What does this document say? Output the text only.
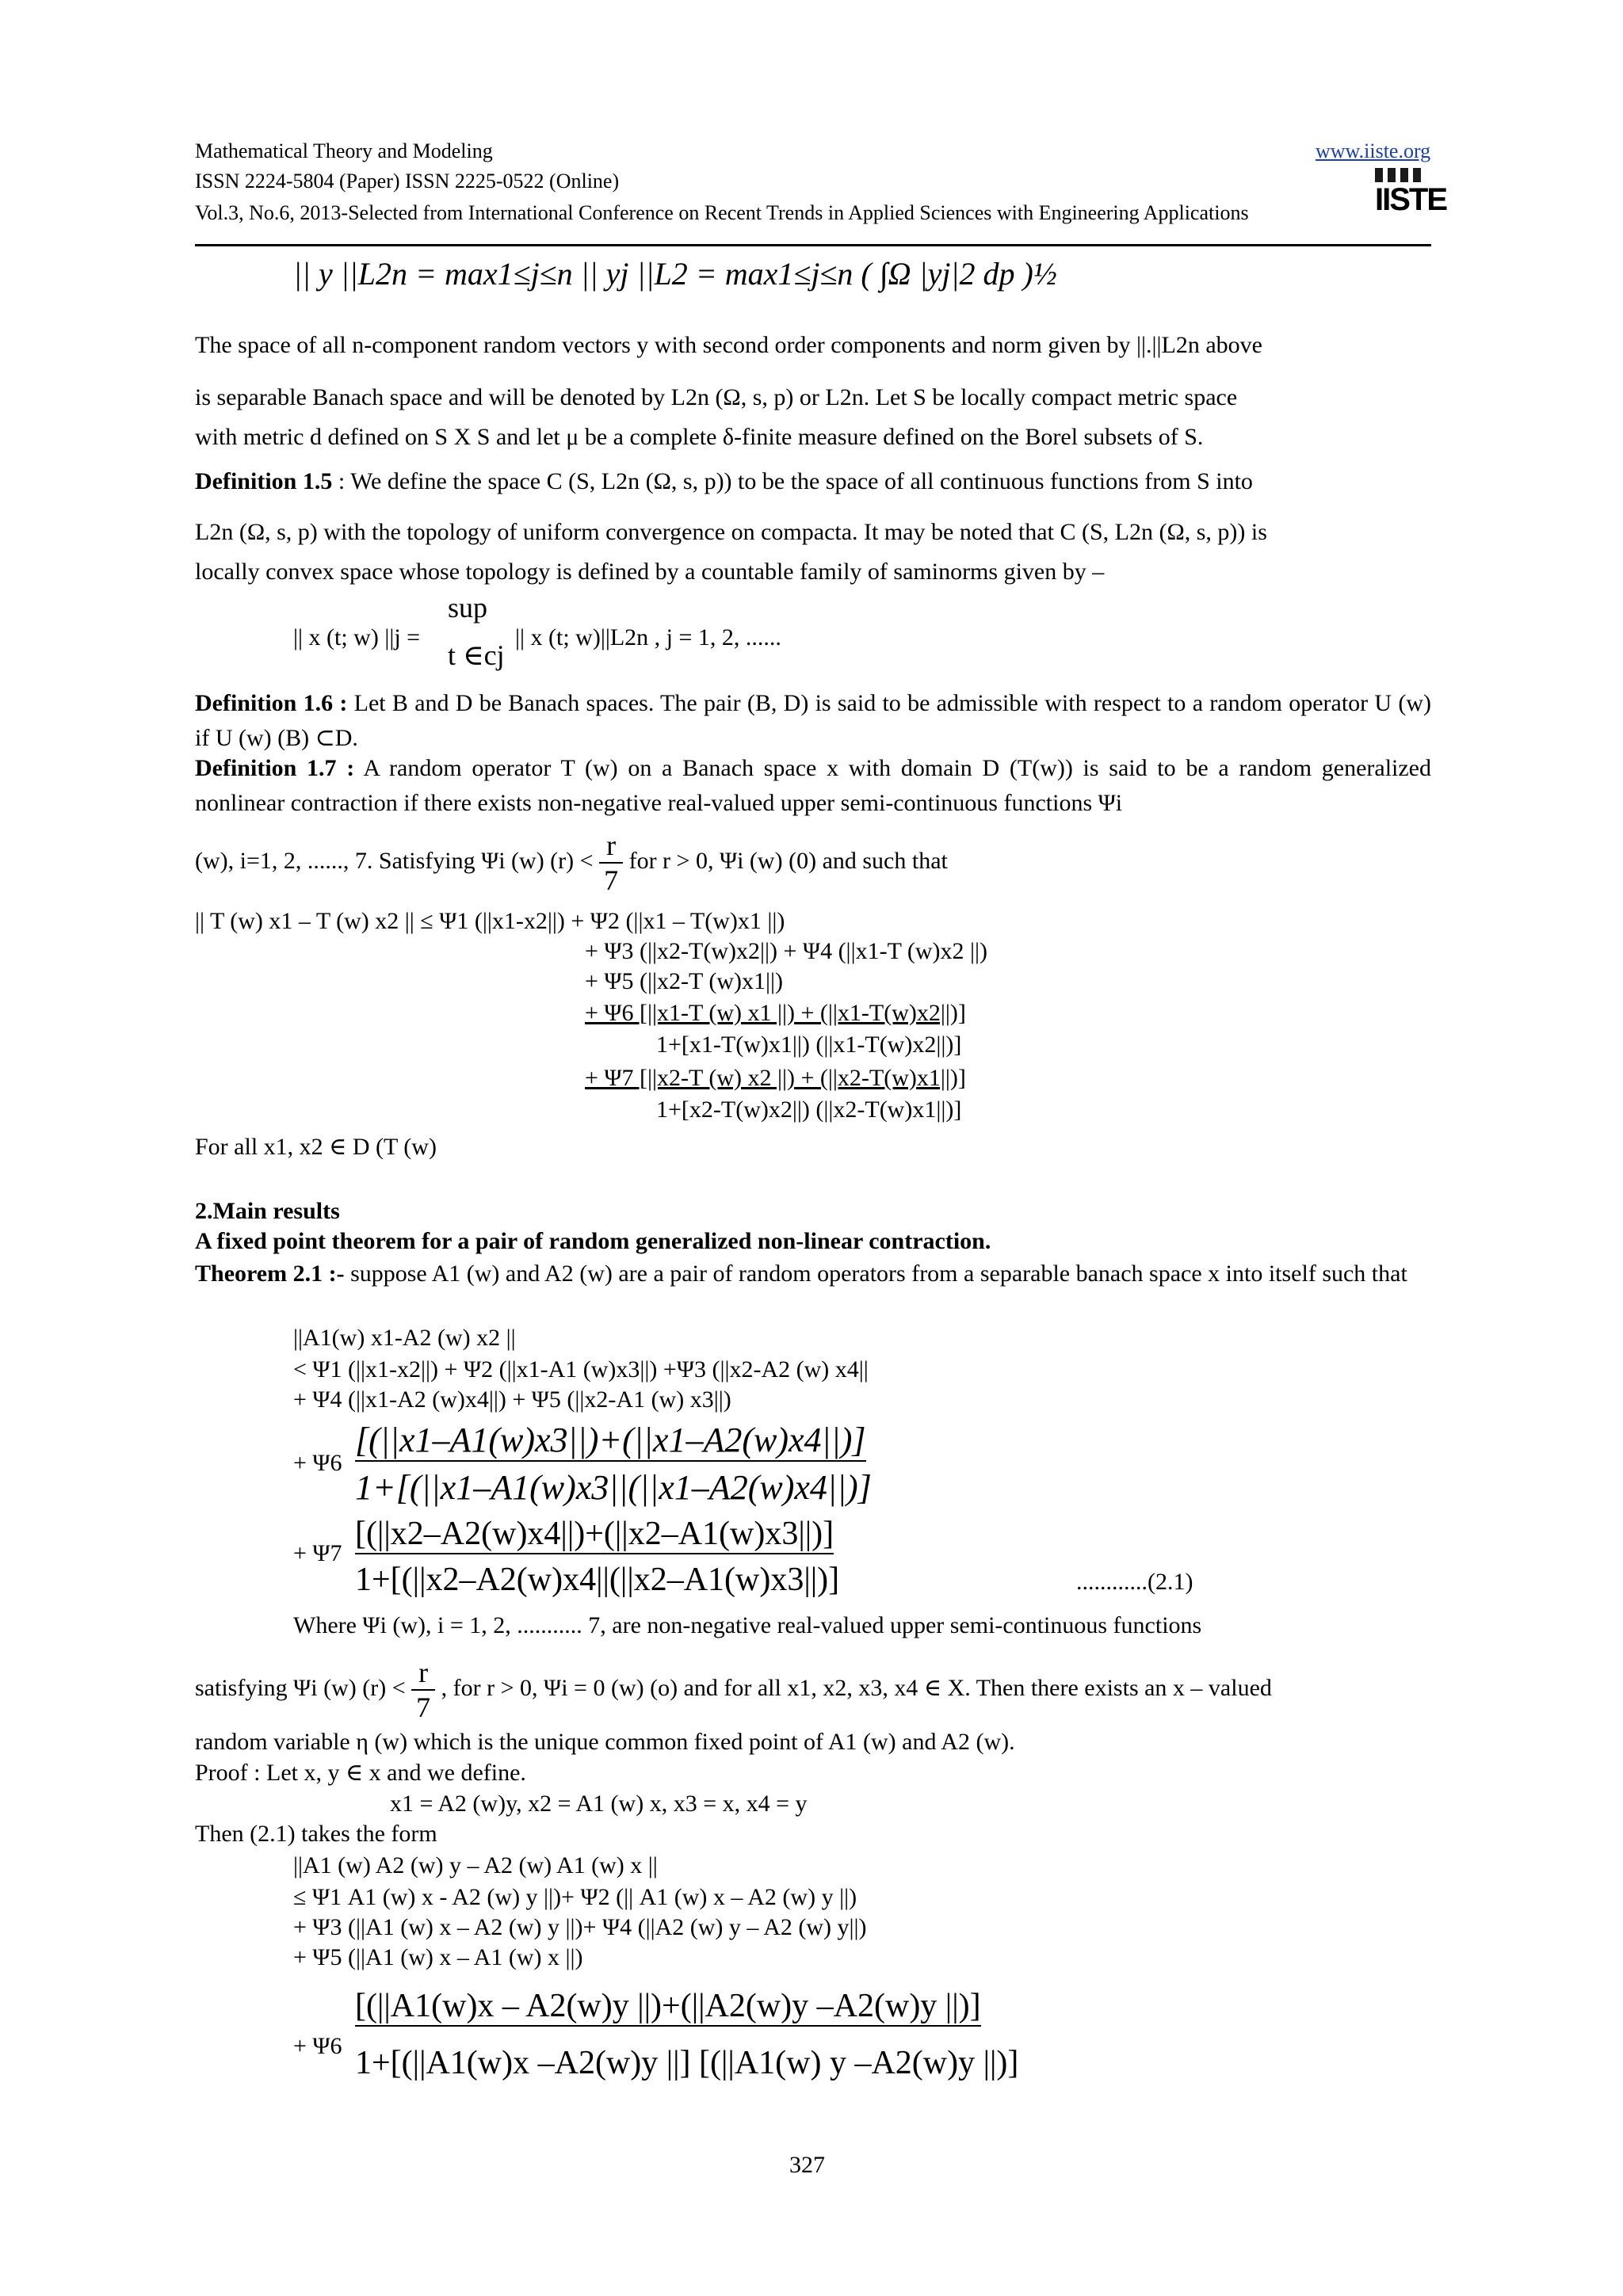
Mathematical Theory and Modeling
ISSN 2224-5804 (Paper) ISSN 2225-0522 (Online)
Vol.3, No.6, 2013-Selected from International Conference on Recent Trends in Applied Sciences with Engineering Applications
www.iiste.org
IISTE
|| y ||L2n = max1≤j≤n || yj ||L2 = max1≤j≤n ( ∫Ω |yj|2 dp )½
The space of all n-component random vectors y with second order components and norm given by ||.||L2n above
is separable Banach space and will be denoted by L2n (Ω, s, p) or L2n. Let S be locally compact metric space
with metric d defined on S X S and let μ be a complete δ-finite measure defined on the Borel subsets of S.
Definition 1.5 : We define the space C (S, L2n (Ω, s, p)) to be the space of all continuous functions from S into
L2n (Ω, s, p) with the topology of uniform convergence on compacta. It may be noted that C (S, L2n (Ω, s, p)) is
locally convex space whose topology is defined by a countable family of saminorms given by –
|| x (t; w) ||j =
sup
t ∈cj
|| x (t; w)||L2n , j = 1, 2, ......
Definition 1.6 : Let B and D be Banach spaces. The pair (B, D) is said to be admissible with respect to a random operator U (w) if U (w) (B) ⊂D.
Definition 1.7 : A random operator T (w) on a Banach space x with domain D (T(w)) is said to be a random generalized nonlinear contraction if there exists non-negative real-valued upper semi-continuous functions Ψi
(w), i=1, 2, ......, 7. Satisfying Ψi (w) $(r) < \frac{r}{7}$ for r > 0, Ψi (w) (0) and such that
|| T (w) x1 – T (w) x2 || ≤ Ψ1 (||x1-x2||) + Ψ2 (||x1 – T(w)x1 ||)
+ Ψ3 (||x2-T(w)x2||) + Ψ4 (||x1-T (w)x2 ||)
+ Ψ5 (||x2-T (w)x1||)
+ Ψ6 [||x1-T (w) x1 ||) + (||x1-T(w)x2||)]
1+[x1-T(w)x1||) (||x1-T(w)x2||)]
+ Ψ7 [||x2-T (w) x2 ||) + (||x2-T(w)x1||)]
1+[x2-T(w)x2||) (||x2-T(w)x1||)]
For all x1, x2 ∈ D (T (w)
2.Main results
A fixed point theorem for a pair of random generalized non-linear contraction.
Theorem 2.1 :- suppose A1 (w) and A2 (w) are a pair of random operators from a separable banach space x into itself such that
||A1(w) x1-A2 (w) x2 ||
< Ψ1 (||x1-x2||) + Ψ2 (||x1-A1 (w)x3||) +Ψ3 (||x2-A2 (w) x4||
+ Ψ4 (||x1-A2 (w)x4||) + Ψ5 (||x2-A1 (w) x3||)
+ Ψ6
[(||x1–A1(w)x3||)+(||x1–A2(w)x4||)]
1+[(||x1–A1(w)x3||(||x1–A2(w)x4||)]
+ Ψ7
[(||x2–A2(w)x4||)+(||x2–A1(w)x3||)]
1+[(||x2–A2(w)x4||(||x2–A1(w)x3||)]	............(2.1)
Where Ψi (w), i = 1, 2, ........... 7, are non-negative real-valued upper semi-continuous functions
satisfying Ψi (w) $(r) < \frac{r}{7}$ , for r > 0, Ψi = 0 (w) (o) and for all x1, x2, x3, x4 ∈ X. Then there exists an x – valued
random variable η (w) which is the unique common fixed point of A1 (w) and A2 (w).
Proof : Let x, y ∈ x and we define.
x1 = A2 (w)y, x2 = A1 (w) x, x3 = x, x4 = y
Then (2.1) takes the form
||A1 (w) A2 (w) y – A2 (w) A1 (w) x ||
≤ Ψ1 A1 (w) x - A2 (w) y ||)+ Ψ2 (|| A1 (w) x – A2 (w) y ||)
+ Ψ3 (||A1 (w) x – A2 (w) y ||)+ Ψ4 (||A2 (w) y – A2 (w) y||)
+ Ψ5 (||A1 (w) x – A1 (w) x ||)
+ Ψ6
[(||A1(w)x – A2(w)y ||)+(||A2(w)y –A2(w)y ||)]
1+[(||A1(w)x –A2(w)y ||] [(||A1(w) y –A2(w)y ||)]
327
